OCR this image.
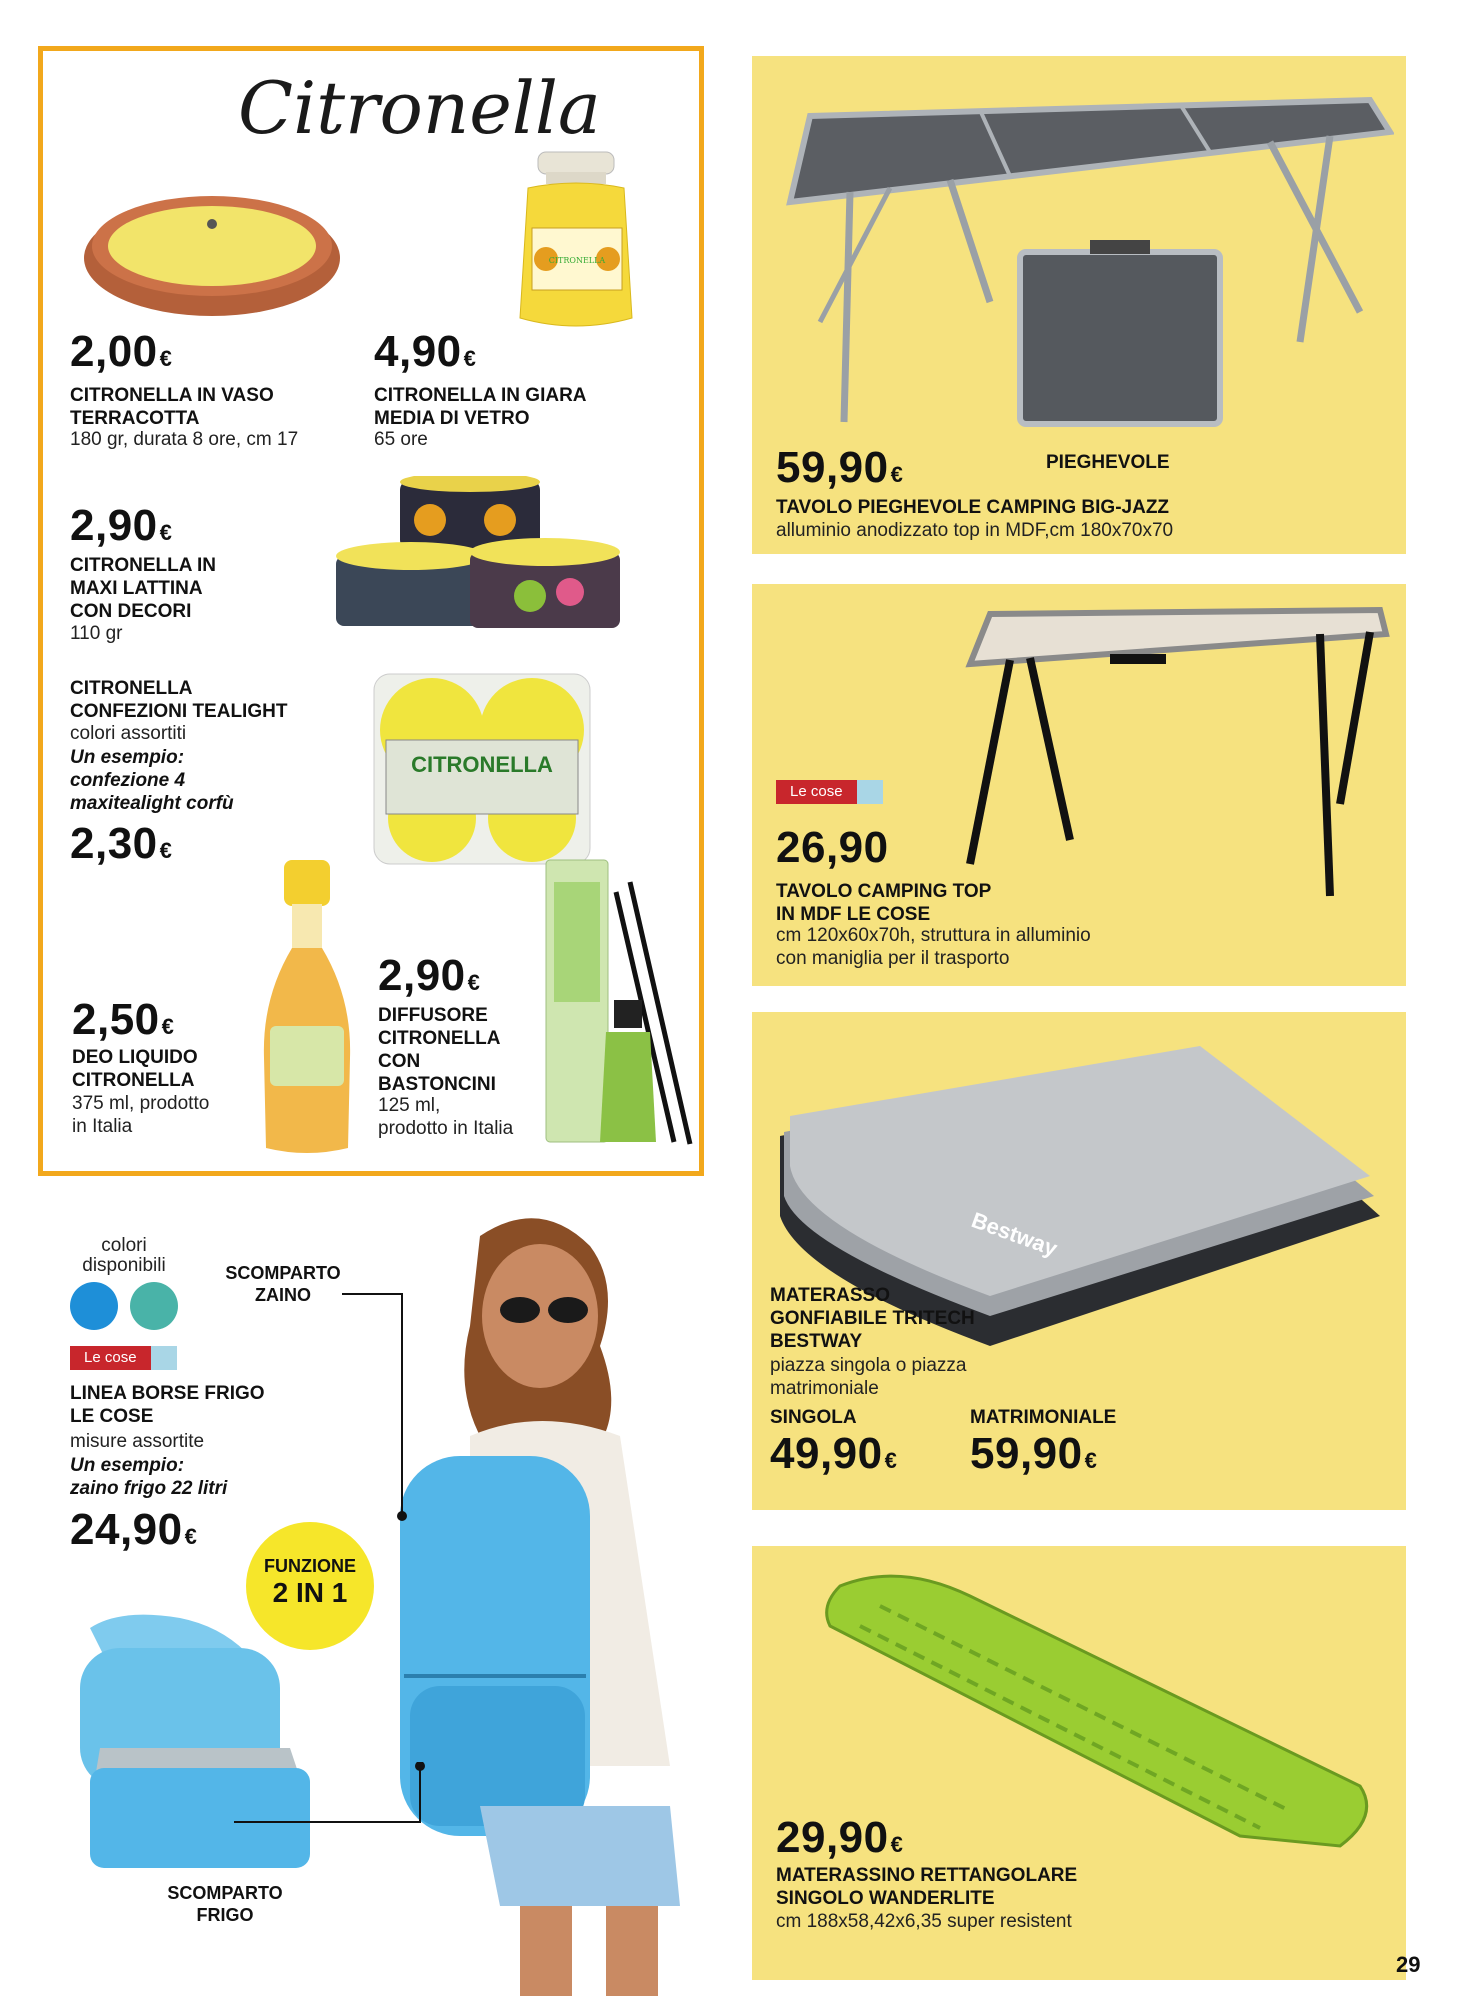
Citronella
2,00€
CITRONELLA IN VASO
TERRACOTTA
180 gr, durata 8 ore, cm 17
CITRONELLA
4,90€
CITRONELLA IN GIARA
MEDIA DI VETRO
65 ore
2,90€
CITRONELLA IN
MAXI LATTINA
CON DECORI
110 gr
CITRONELLA
CITRONELLA
CONFEZIONI TEALIGHT
colori assortiti
Un esempio:
confezione 4
maxitealight corfù
2,30€
2,50€
DEO LIQUIDO
CITRONELLA
375 ml, prodotto
in Italia
2,90€
DIFFUSORE
CITRONELLA
CON
BASTONCINI
125 ml,
prodotto in Italia
colori
disponibili
Le cose
LINEA BORSE FRIGO
LE COSE
misure assortite
Un esempio:
zaino frigo 22 litri
24,90€
SCOMPARTO
ZAINO
FUNZIONE
2 IN 1
SCOMPARTO
FRIGO
PIEGHEVOLE
59,90€
TAVOLO PIEGHEVOLE CAMPING BIG-JAZZ
alluminio anodizzato top in MDF,cm 180x70x70
Le cose
26,90
TAVOLO CAMPING TOP
IN MDF LE COSE
cm 120x60x70h, struttura in alluminio
con maniglia per il trasporto
Bestway
MATERASSO
GONFIABILE TRITECH
BESTWAY
piazza singola o piazza
matrimoniale
SINGOLA	MATRIMONIALE
49,90€ 59,90€
29,90€
MATERASSINO RETTANGOLARE
SINGOLO WANDERLITE
cm 188x58,42x6,35 super resistent
29
